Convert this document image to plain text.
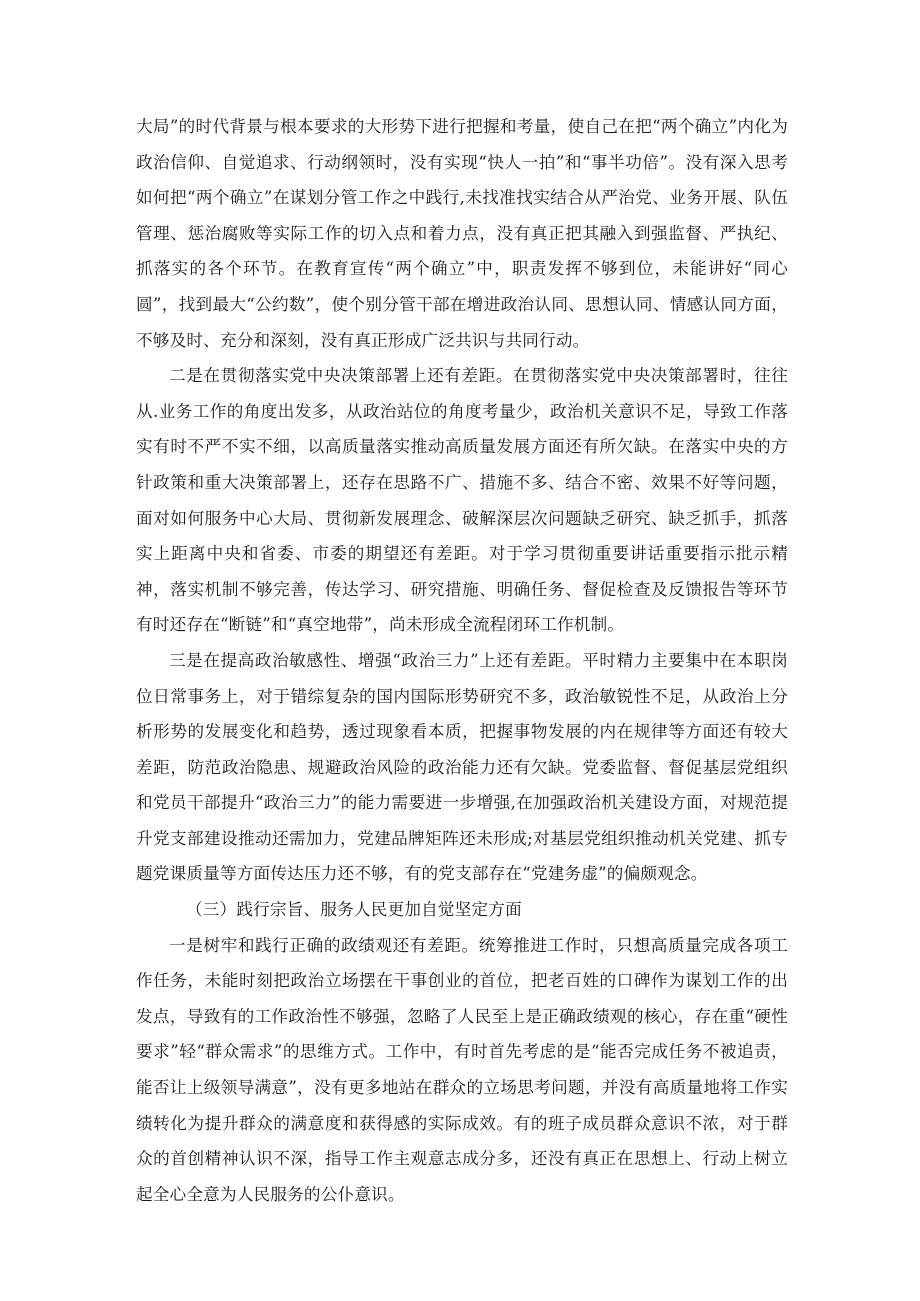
大局”的时代背景与根本要求的大形势下进行把握和考量，使自己在把“两个确立”内化为政治信仰、自觉追求、行动纲领时，没有实现“快人一拍”和“事半功倍”。没有深入思考如何把“两个确立”在谋划分管工作之中践行,未找准找实结合从严治党、业务开展、队伍管理、惩治腐败等实际工作的切入点和着力点，没有真正把其融入到强监督、严执纪、抓落实的各个环节。在教育宣传“两个确立”中，职责发挥不够到位，未能讲好“同心圆”，找到最大“公约数”，使个别分管干部在增进政治认同、思想认同、情感认同方面，不够及时、充分和深刻，没有真正形成广泛共识与共同行动。

二是在贯彻落实党中央决策部署上还有差距。在贯彻落实党中央决策部署时，往往从.业务工作的角度出发多，从政治站位的角度考量少，政治机关意识不足，导致工作落实有时不严不实不细，以高质量落实推动高质量发展方面还有所欠缺。在落实中央的方针政策和重大决策部署上，还存在思路不广、措施不多、结合不密、效果不好等问题，面对如何服务中心大局、贯彻新发展理念、破解深层次问题缺乏研究、缺乏抓手，抓落实上距离中央和省委、市委的期望还有差距。对于学习贯彻重要讲话重要指示批示精神，落实机制不够完善，传达学习、研究措施、明确任务、督促检查及反馈报告等环节有时还存在“断链”和“真空地带”，尚未形成全流程闭环工作机制。

三是在提高政治敏感性、增强“政治三力”上还有差距。平时精力主要集中在本职岗位日常事务上，对于错综复杂的国内国际形势研究不多，政治敏锐性不足，从政治上分析形势的发展变化和趋势，透过现象看本质，把握事物发展的内在规律等方面还有较大差距，防范政治隐患、规避政治风险的政治能力还有欠缺。党委监督、督促基层党组织和党员干部提升“政治三力”的能力需要进一步增强,在加强政治机关建设方面，对规范提升党支部建设推动还需加力，党建品牌矩阵还未形成;对基层党组织推动机关党建、抓专题党课质量等方面传达压力还不够，有的党支部存在“党建务虚”的偏颇观念。

（三）践行宗旨、服务人民更加自觉坚定方面

一是树牢和践行正确的政绩观还有差距。统筹推进工作时，只想高质量完成各项工作任务，未能时刻把政治立场摆在干事创业的首位，把老百姓的口碑作为谋划工作的出发点，导致有的工作政治性不够强，忽略了人民至上是正确政绩观的核心，存在重“硬性要求”轻“群众需求”的思维方式。工作中，有时首先考虑的是“能否完成任务不被追责，能否让上级领导满意”，没有更多地站在群众的立场思考问题，并没有高质量地将工作实绩转化为提升群众的满意度和获得感的实际成效。有的班子成员群众意识不浓，对于群众的首创精神认识不深，指导工作主观意志成分多，还没有真正在思想上、行动上树立起全心全意为人民服务的公仆意识。
